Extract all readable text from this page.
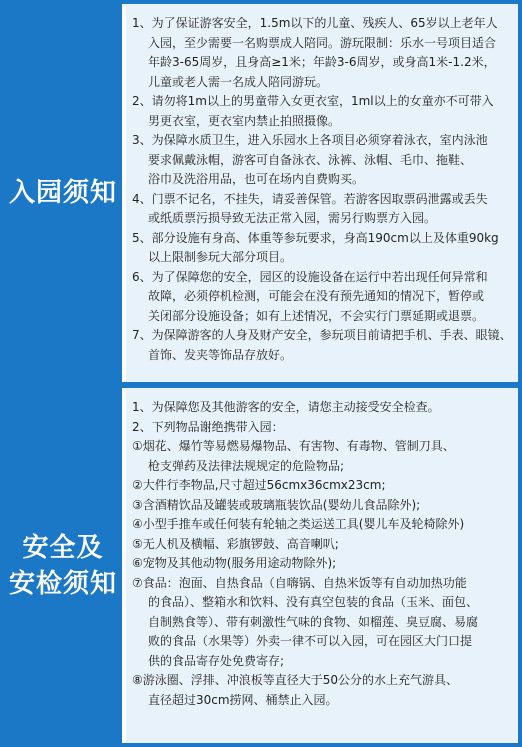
入园须知
1、为了保证游客安全，1.5m以下的儿童、残疾人、65岁以上老年人
入园，至少需要一名购票成人陪同。游玩限制：乐水一号项目适合
年龄3-65周岁，且身高≥1米；年龄3-6周岁，或身高1米-1.2米，
儿童或老人需一名成人陪同游玩。
2、请勿将1m以上的男童带入女更衣室，1ml以上的女童亦不可带入
男更衣室，更衣室内禁止拍照摄像。
3、为保障水质卫生，进入乐园水上各项目必须穿着泳衣，室内泳池
要求佩戴泳帽，游客可自备泳衣、泳裤、泳帽、毛巾、拖鞋、
浴巾及洗浴用品，也可在场内自费购买。
4、门票不记名，不挂失，请妥善保管。若游客因取票码泄露或丢失
或纸质票污损导致无法正常入园，需另行购票方入园。
5、部分设施有身高、体重等参玩要求，身高190cm以上及体重90kg
以上限制参玩大部分项目。
6、为了保障您的安全，园区的设施设备在运行中若出现任何异常和
故障，必须停机检测，可能会在没有预先通知的情况下，暂停或
关闭部分设施设备；如有上述情况，不会实行门票延期或退票。
7、为保障游客的人身及财产安全，参玩项目前请把手机、手表、眼镜、
首饰、发夹等饰品存放好。
安全及
安检须知
1、为保障您及其他游客的安全，请您主动接受安全检查。
2、下列物品谢绝携带入园：
①烟花、爆竹等易燃易爆物品、有害物、有毒物、管制刀具、
枪支弹药及法律法规规定的危险物品;
②大件行李物品,尺寸超过56cmx36cmx23cm;
③含酒精饮品及罐装或玻璃瓶装饮品(婴幼儿食品除外);
④小型手推车或任何装有轮轴之类运送工具(婴儿车及轮椅除外)
⑤无人机及横幅、彩旗锣鼓、高音喇叭;
⑥宠物及其他动物(服务用途动物除外);
⑦食品：泡面、自热食品（自嗨锅、自热米饭等有自动加热功能
的食品）、整箱水和饮料、没有真空包装的食品（玉米、面包、
自制熟食等）、带有刺激性气味的食物、如榴莲、臭豆腐、易腐
败的食品（水果等）外卖一律不可以入园，可在园区大门口提
供的食品寄存处免费寄存;
⑧游泳圈、浮排、冲浪板等直径大于50公分的水上充气游具、
直径超过30cm捞网、桶禁止入园。
